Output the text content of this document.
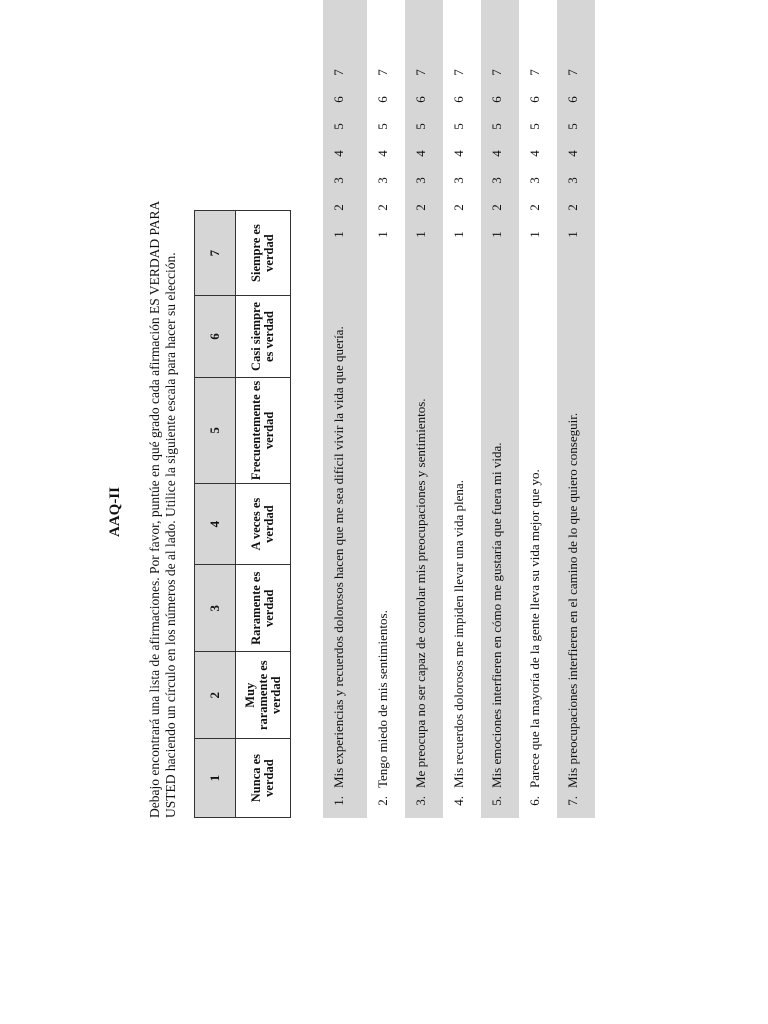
AAQ-II Debajo encontrará una lista de afirmaciones. Por favor, puntúe en qué grado cada afirmación ES VERDAD PARA USTED haciendo un círculo en los números de al lado. Utilice la siguiente escala para hacer su elección. 1	2	3	4	5	6	7
Nunca es verdad	Muy raramente es verdad	Raramente es verdad	A veces es verdad	Frecuentemente es verdad	Casi siempre es verdad	Siempre es verdad
1.
Mis experiencias y recuerdos dolorosos hacen que me sea difícil vivir la vida que quería.
1
2
3
4
5
6
7
2.
Tengo miedo de mis sentimientos.
1
2
3
4
5
6
7
3.
Me preocupa no ser capaz de controlar mis preocupaciones y sentimientos.
1
2
3
4
5
6
7
4.
Mis recuerdos dolorosos me impiden llevar una vida plena.
1
2
3
4
5
6
7
5.
Mis emociones interfieren en cómo me gustaría que fuera mi vida.
1
2
3
4
5
6
7
6.
Parece que la mayoría de la gente lleva su vida mejor que yo.
1
2
3
4
5
6
7
7.
Mis preocupaciones interfieren en el camino de lo que quiero conseguir.
1
2
3
4
5
6
7
